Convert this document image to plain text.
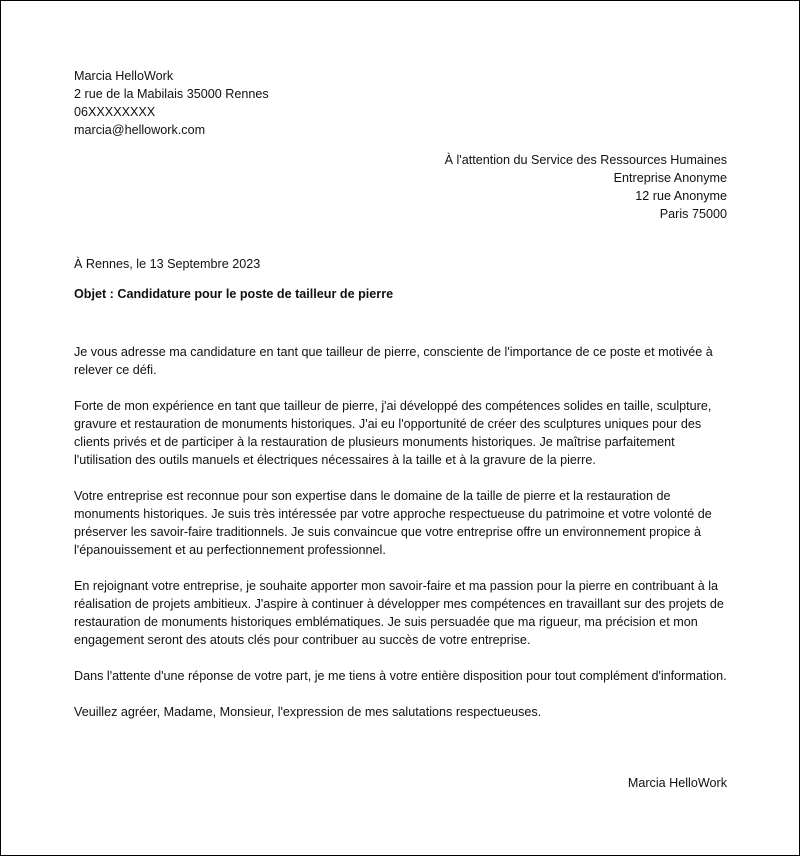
Marcia HelloWork
2 rue de la Mabilais 35000 Rennes
06XXXXXXXX
marcia@hellowork.com
À l'attention du Service des Ressources Humaines
Entreprise Anonyme
12 rue Anonyme
Paris 75000
À Rennes, le 13 Septembre 2023
Objet : Candidature pour le poste de tailleur de pierre

Je vous adresse ma candidature en tant que tailleur de pierre, consciente de l'importance de ce poste et motivée à relever ce défi.

Forte de mon expérience en tant que tailleur de pierre, j'ai développé des compétences solides en taille, sculpture, gravure et restauration de monuments historiques. J'ai eu l'opportunité de créer des sculptures uniques pour des clients privés et de participer à la restauration de plusieurs monuments historiques. Je maîtrise parfaitement l'utilisation des outils manuels et électriques nécessaires à la taille et à la gravure de la pierre.

Votre entreprise est reconnue pour son expertise dans le domaine de la taille de pierre et la restauration de monuments historiques. Je suis très intéressée par votre approche respectueuse du patrimoine et votre volonté de préserver les savoir-faire traditionnels. Je suis convaincue que votre entreprise offre un environnement propice à l'épanouissement et au perfectionnement professionnel.

En rejoignant votre entreprise, je souhaite apporter mon savoir-faire et ma passion pour la pierre en contribuant à la réalisation de projets ambitieux. J'aspire à continuer à développer mes compétences en travaillant sur des projets de restauration de monuments historiques emblématiques. Je suis persuadée que ma rigueur, ma précision et mon engagement seront des atouts clés pour contribuer au succès de votre entreprise.

Dans l'attente d'une réponse de votre part, je me tiens à votre entière disposition pour tout complément d'information.

Veuillez agréer, Madame, Monsieur, l'expression de mes salutations respectueuses.

Marcia HelloWork
